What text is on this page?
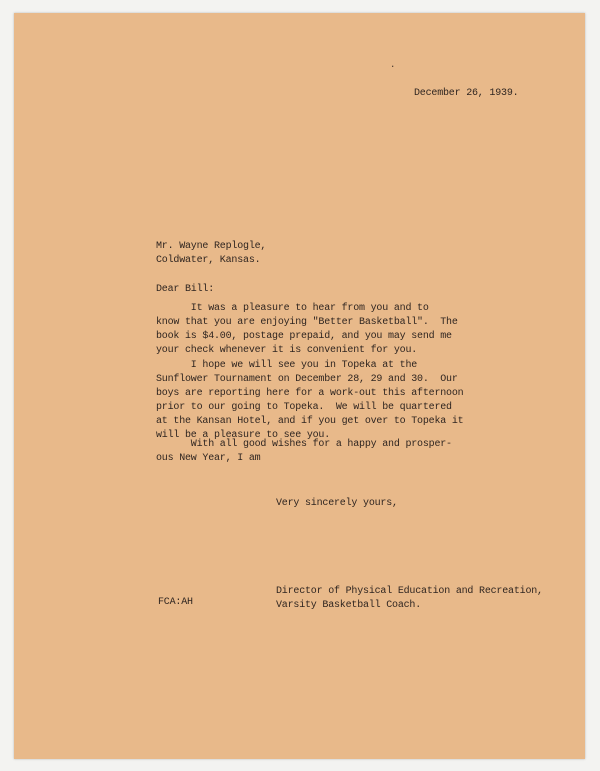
·
December 26, 1939.
Mr. Wayne Replogle,
Coldwater, Kansas.
Dear Bill:
It was a pleasure to hear from you and to
know that you are enjoying "Better Basketball".  The
book is $4.00, postage prepaid, and you may send me
your check whenever it is convenient for you.
I hope we will see you in Topeka at the
Sunflower Tournament on December 28, 29 and 30.  Our
boys are reporting here for a work-out this afternoon
prior to our going to Topeka.  We will be quartered
at the Kansan Hotel, and if you get over to Topeka it
will be a pleasure to see you.
With all good wishes for a happy and prosper-
ous New Year, I am
Very sincerely yours,
Director of Physical Education and Recreation,
Varsity Basketball Coach.
FCA:AH
